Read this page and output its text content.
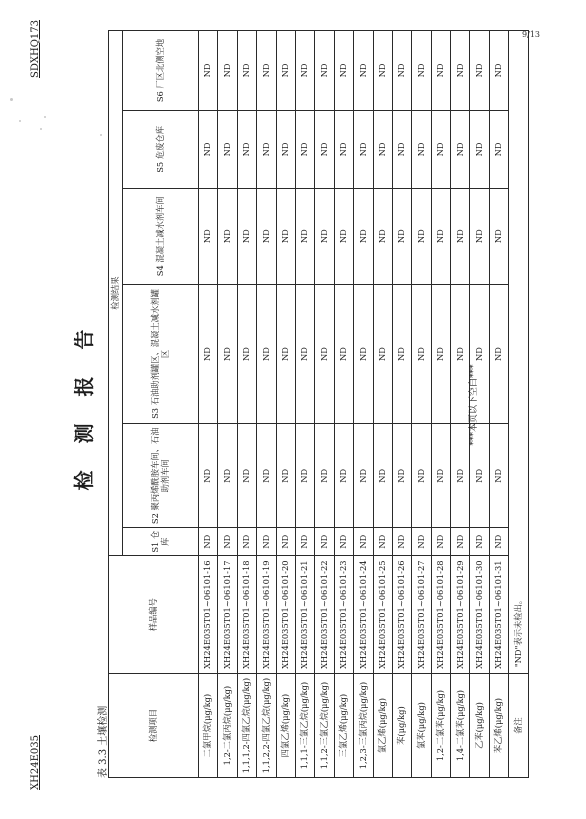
9/13
XH24E035
SDXHQ173
检 测 报 告
表 3.3 土壤检测	检测项目	样品编号	检测结果					
		S1 仓库	S2 聚丙烯酰胺车间、石油助剂车间	S3 石油助剂罐区、混凝土减水剂罐区	S4 混凝土减水剂车间	S5 危废仓库	S6 厂区北侧空地
二氯甲烷(μg/kg)	XH24E035T01~06101-16	ND	ND	ND	ND	ND	ND
1,2-二氯丙烷(μg/kg)	XH24E035T01~06101-17	ND	ND	ND	ND	ND	ND
1,1,1,2-四氯乙烷(μg/kg)	XH24E035T01~06101-18	ND	ND	ND	ND	ND	ND
1,1,2,2-四氯乙烷(μg/kg)	XH24E035T01~06101-19	ND	ND	ND	ND	ND	ND
四氯乙烯(μg/kg)	XH24E035T01~06101-20	ND	ND	ND	ND	ND	ND
1,1,1-三氯乙烷(μg/kg)	XH24E035T01~06101-21	ND	ND	ND	ND	ND	ND
1,1,2-三氯乙烷(μg/kg)	XH24E035T01~06101-22	ND	ND	ND	ND	ND	ND
三氯乙烯(μg/kg)	XH24E035T01~06101-23	ND	ND	ND	ND	ND	ND
1,2,3-三氯丙烷(μg/kg)	XH24E035T01~06101-24	ND	ND	ND	ND	ND	ND
氯乙烯(μg/kg)	XH24E035T01~06101-25	ND	ND	ND	ND	ND	ND
苯(μg/kg)	XH24E035T01~06101-26	ND	ND	ND	ND	ND	ND
氯苯(μg/kg)	XH24E035T01~06101-27	ND	ND	ND	ND	ND	ND
1,2-二氯苯(μg/kg)	XH24E035T01~06101-28	ND	ND	ND	ND	ND	ND
1,4-二氯苯(μg/kg)	XH24E035T01~06101-29	ND	ND	ND	ND	ND	ND
乙苯(μg/kg)	XH24E035T01~06101-30	ND	ND	ND	ND	ND	ND
苯乙烯(μg/kg)	XH24E035T01~06101-31	ND	ND	ND	ND	ND	ND
备注	"ND"表示未检出。						
***本页以下空白***
